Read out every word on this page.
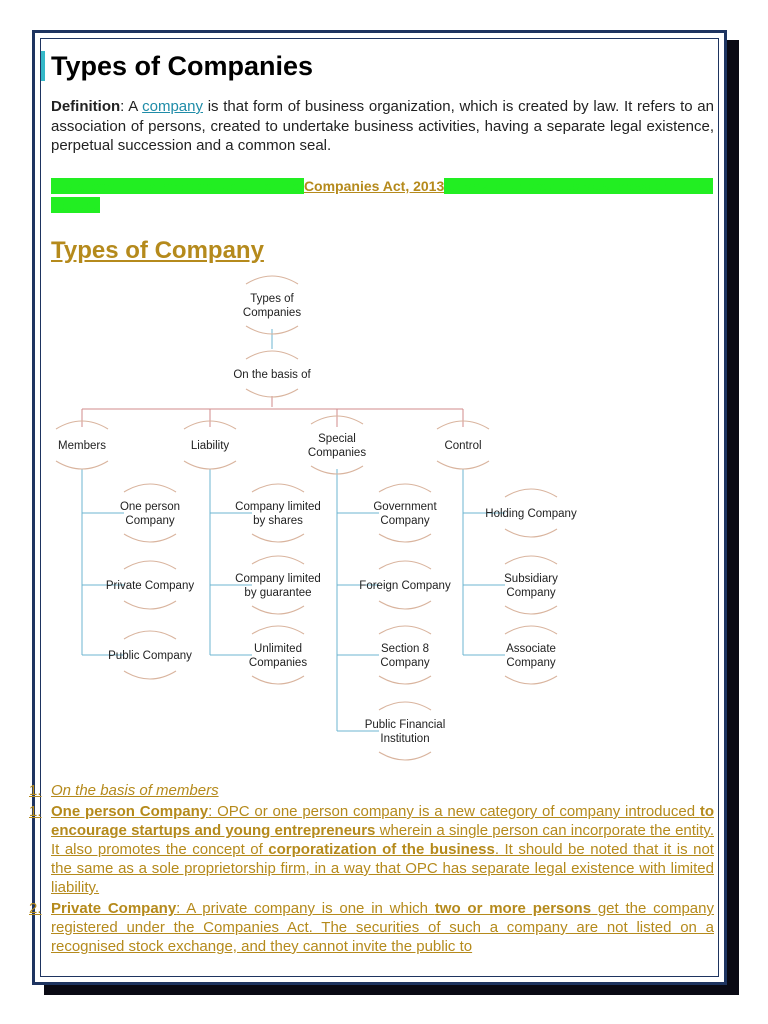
Types of Companies
Definition: A company is that form of business organization, which is created by law. It refers to an association of persons, created to undertake business activities, having a separate legal existence, perpetual succession and a common seal.
It is a legal entity incorporated under the Companies Act, 2013 or any other previous acts, prevalent in the country.
Types of Company
Types of Companies
On the basis of
Members
One person Company
Private Company
Public Company
Liability
Company limited by shares
Company limited by guarantee
Unlimited Companies
Special Companies
Government Company
Foreign Company
Section 8 Company
Public Financial Institution
Control
Holding Company
Subsidiary Company
Associate Company
1. On the basis of members
1. One person Company: OPC or one person company is a new category of company introduced to encourage startups and young entrepreneurs wherein a single person can incorporate the entity. It also promotes the concept of corporatization of the business. It should be noted that it is not the same as a sole proprietorship firm, in a way that OPC has separate legal existence with limited liability.
2. Private Company: A private company is one in which two or more persons get the company registered under the Companies Act. The securities of such a company are not listed on a recognised stock exchange, and they cannot invite the public to
